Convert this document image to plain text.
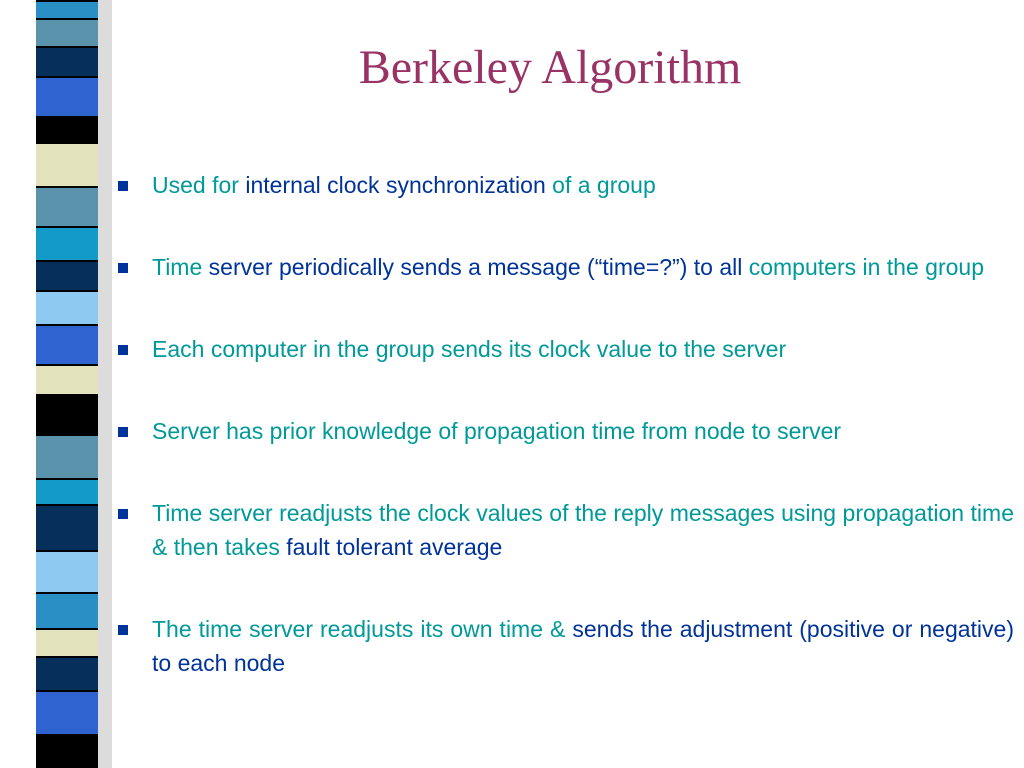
Berkeley Algorithm
Used for internal clock synchronization of a group
Time server periodically sends a message (“time=?”) to all computers in the group
Each computer in the group sends its clock value to the server
Server has prior knowledge of propagation time from node to server
Time server readjusts the clock values of the reply messages using propagation time & then takes fault tolerant average
The time server readjusts its own time & sends the adjustment (positive or negative) to each node
